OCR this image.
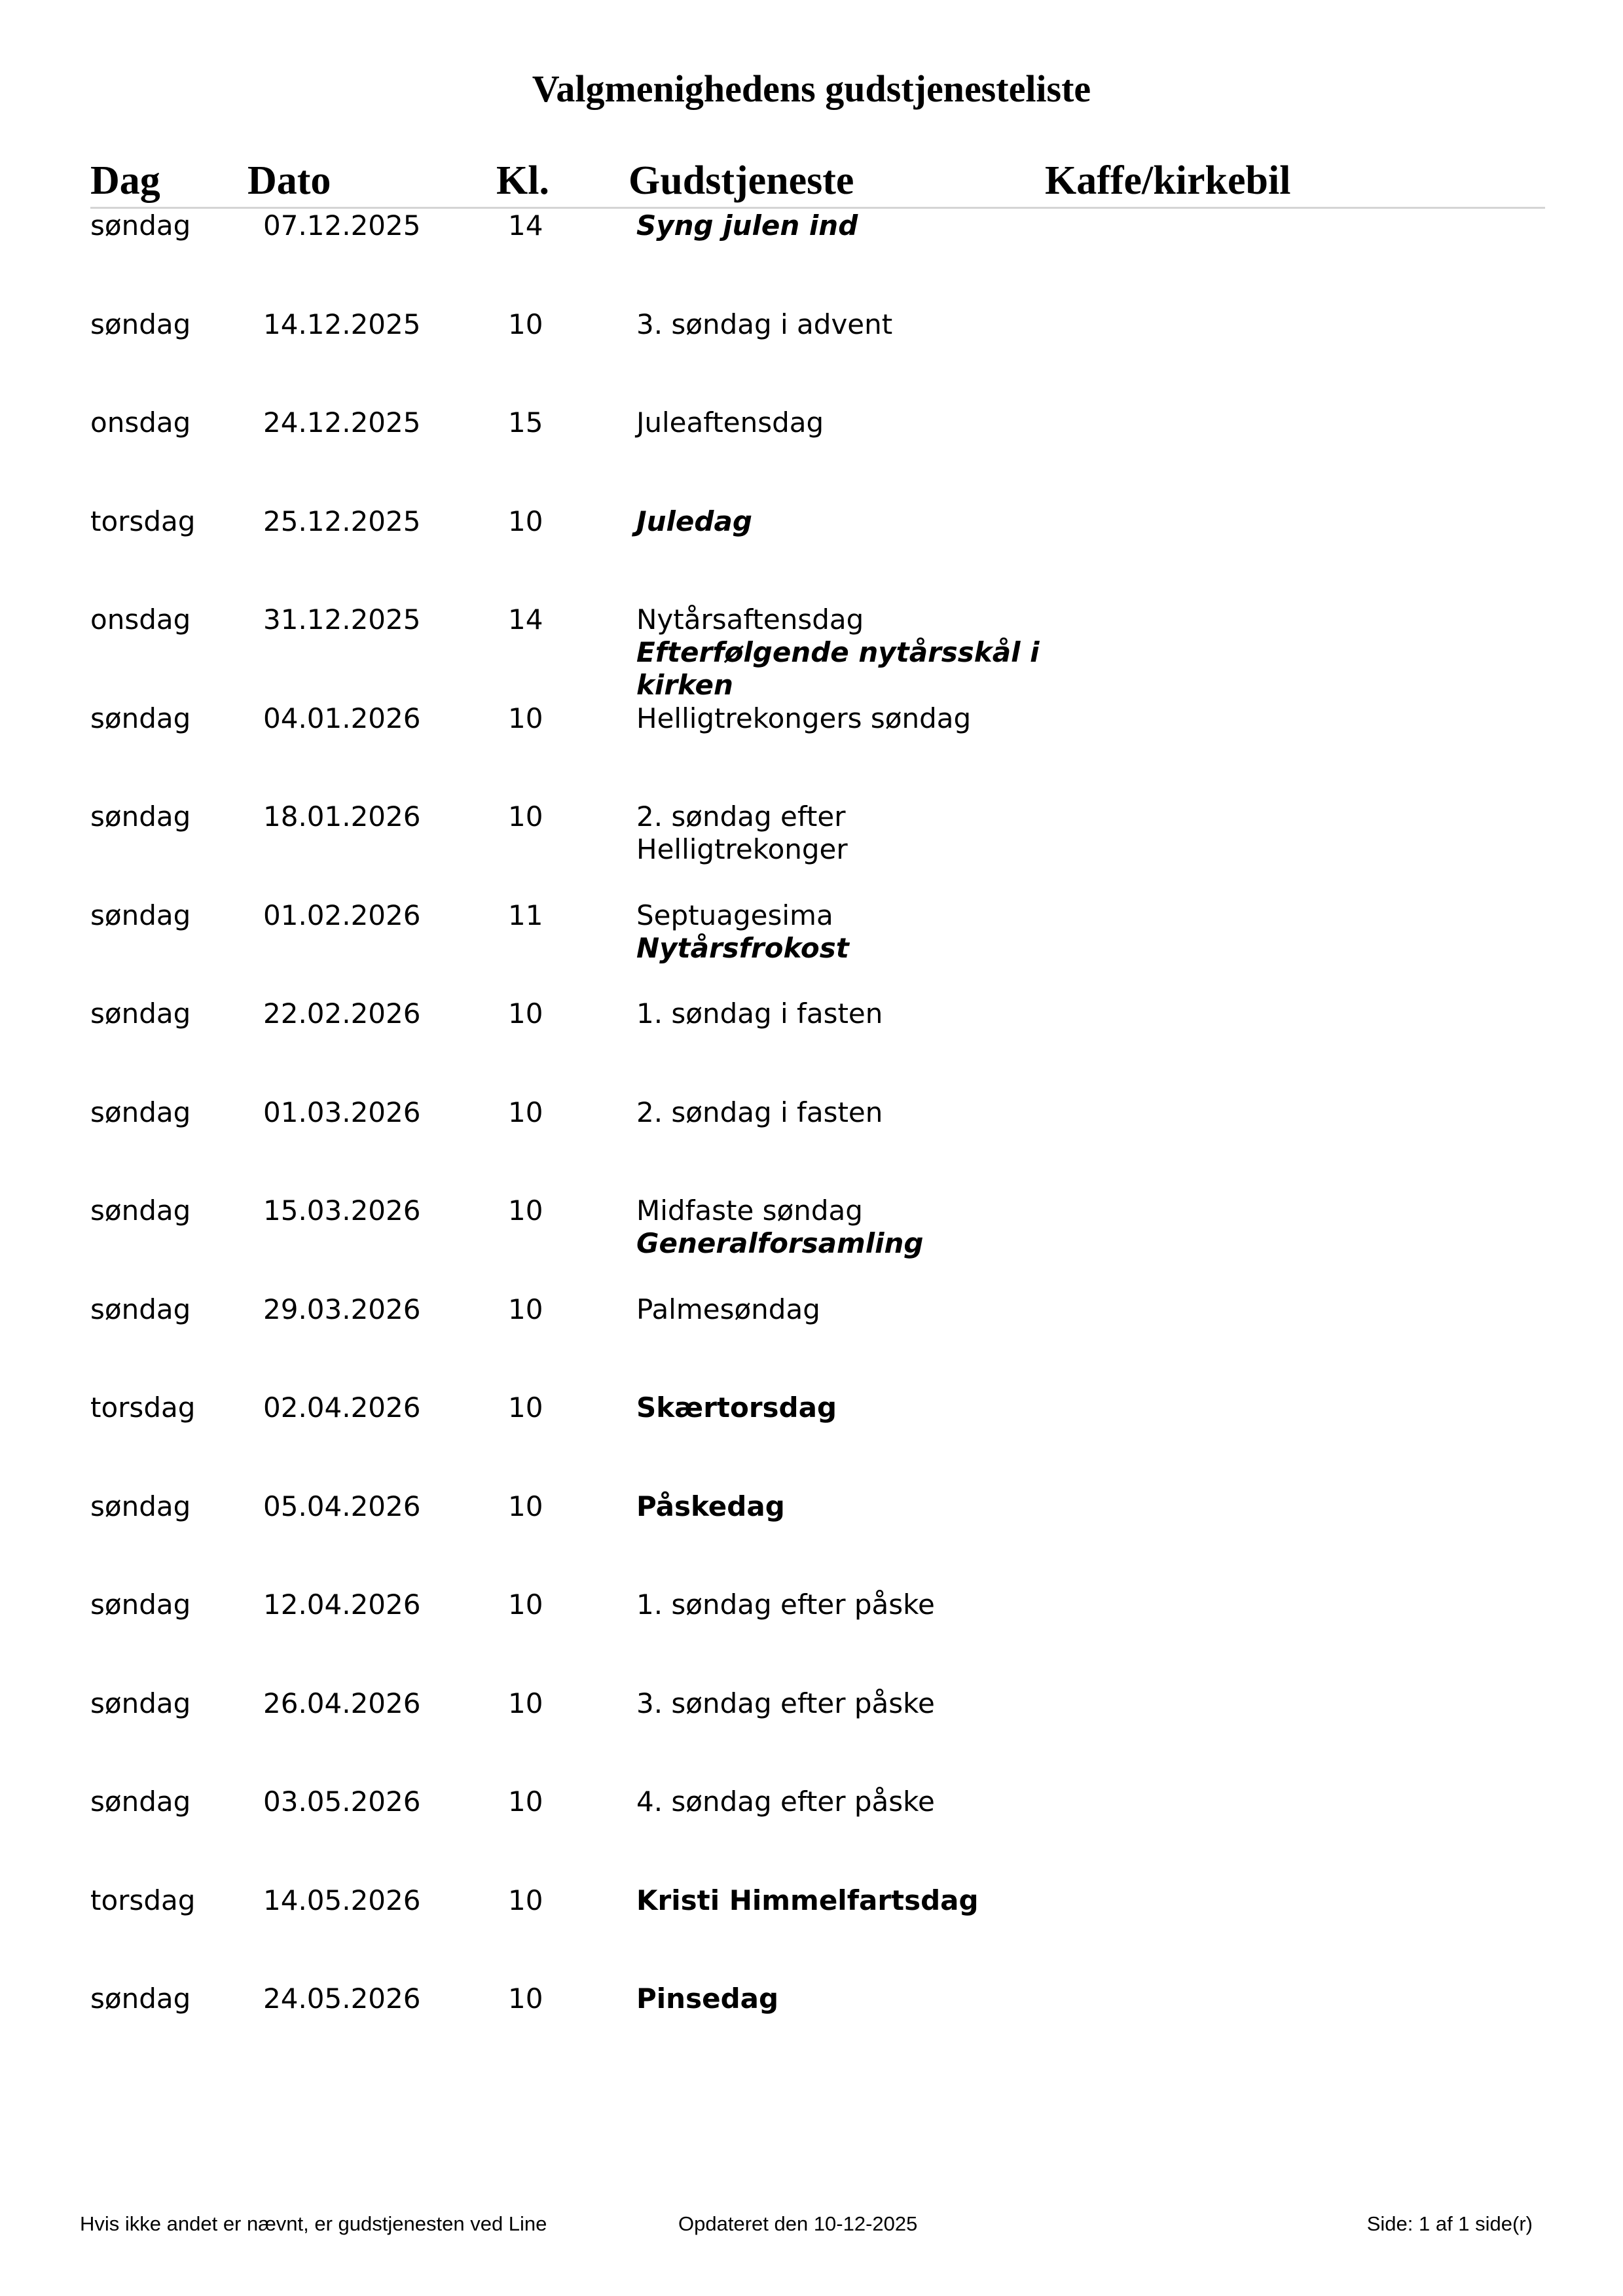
Valgmenighedens gudstjenesteliste
Dag Dato	Kl. Gudstjeneste	Kaffe/kirkebil
søndag	07.12.2025	14	Syng julen ind
søndag	14.12.2025	10	3. søndag i advent
onsdag	24.12.2025	15	Juleaftensdag
torsdag 25.12.2025	10	Juledag
onsdag	31.12.2025	14	Nytårsaftensdag
Efterfølgende nytårsskål i kirken
søndag	04.01.2026	10	Helligtrekongers søndag
søndag	18.01.2026	10	2. søndag efter Helligtrekonger
søndag	01.02.2026	11	Septuagesima
Nytårsfrokost
søndag	22.02.2026	10	1. søndag i fasten
søndag	01.03.2026	10	2. søndag i fasten
søndag	15.03.2026	10	Midfaste søndag
Generalforsamling
søndag	29.03.2026	10	Palmesøndag
torsdag 02.04.2026	10	Skærtorsdag
søndag	05.04.2026	10	Påskedag
søndag	12.04.2026	10	1. søndag efter påske
søndag	26.04.2026	10	3. søndag efter påske
søndag	03.05.2026	10	4. søndag efter påske
torsdag 14.05.2026	10	Kristi Himmelfartsdag
søndag	24.05.2026	10	Pinsedag
Hvis ikke andet er nævnt, er gudstjenesten ved Line	Opdateret den 10-12-2025	Side: 1 af 1 side(r)
